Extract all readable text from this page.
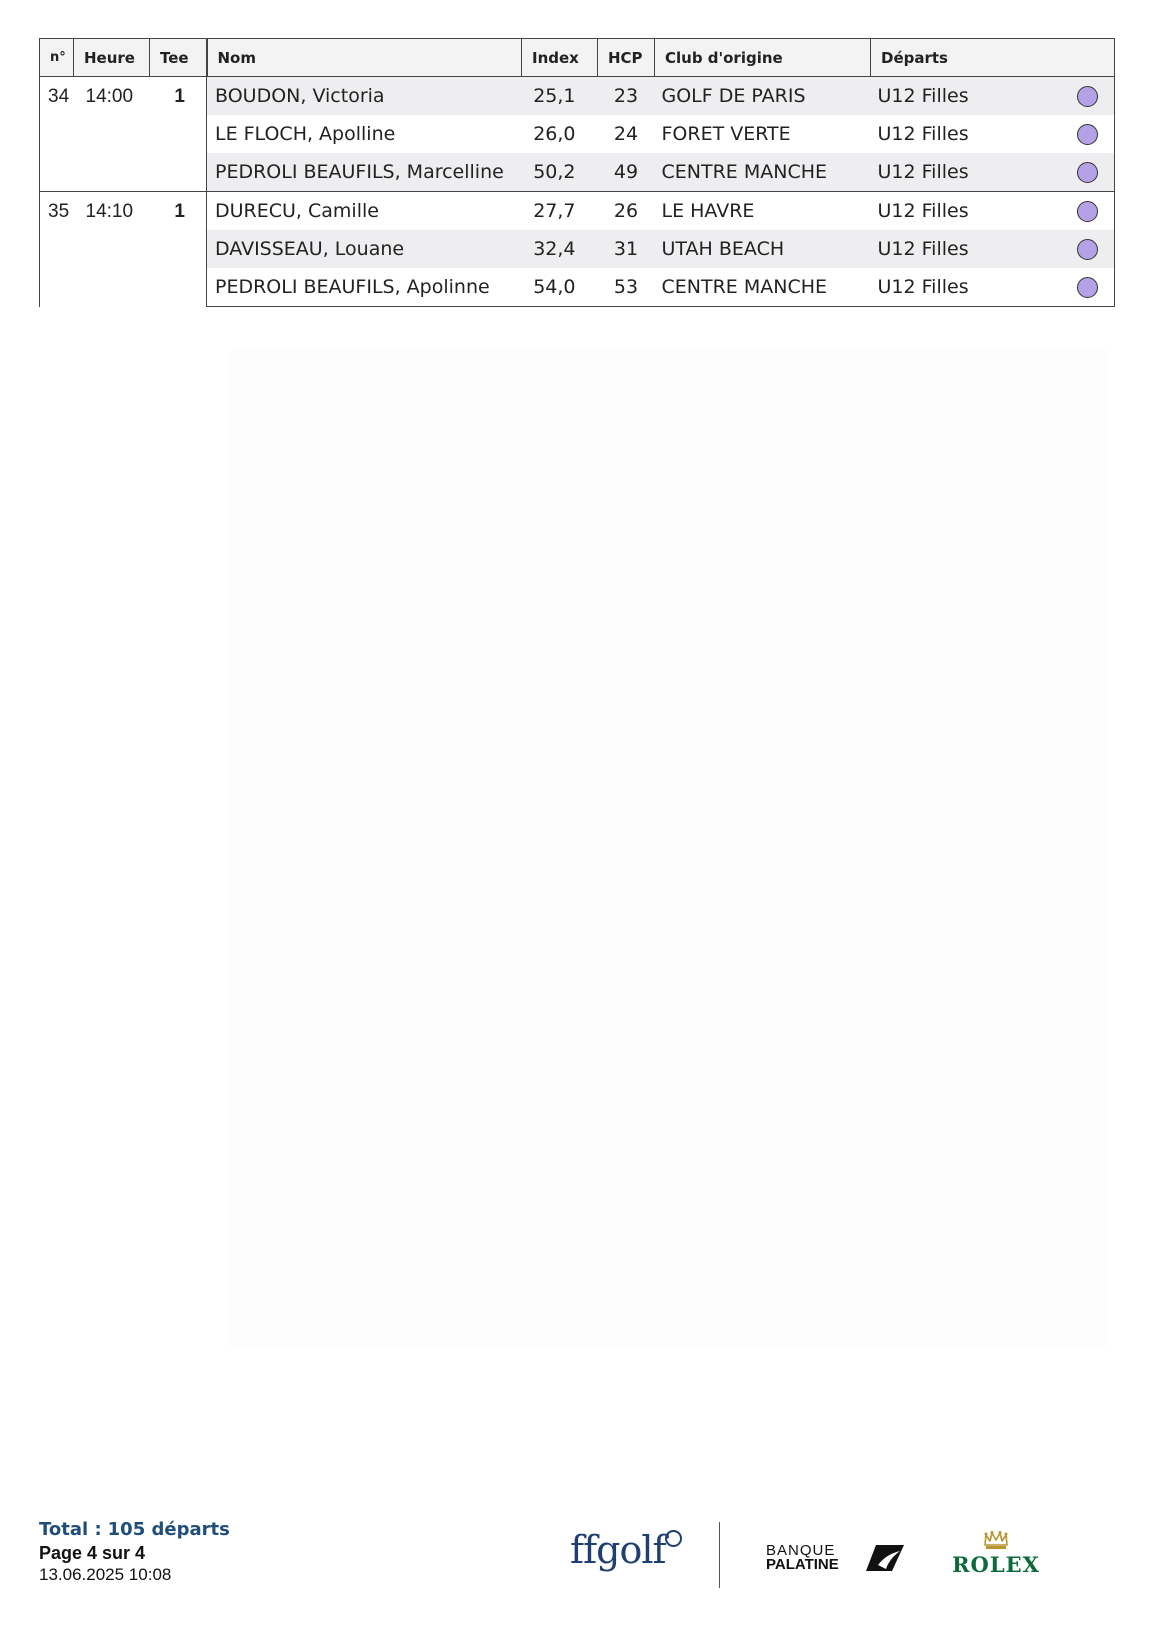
n°	Heure	Tee	Nom	Index	HCP	Club d'origine	Départs	
34	14:00	1	BOUDON, Victoria	25,1	23	GOLF DE PARIS	U12 Filles	
			LE FLOCH, Apolline	26,0	24	FORET VERTE	U12 Filles	
			PEDROLI BEAUFILS, Marcelline	50,2	49	CENTRE MANCHE	U12 Filles	
35	14:10	1	DURECU, Camille	27,7	26	LE HAVRE	U12 Filles	
			DAVISSEAU, Louane	32,4	31	UTAH BEACH	U12 Filles	
			PEDROLI BEAUFILS, Apolinne	54,0	53	CENTRE MANCHE	U12 Filles	
Total : 105 départs
Page 4 sur 4
13.06.2025 10:08
ffgolf	BANQUE
PALATINE	ROLEX
